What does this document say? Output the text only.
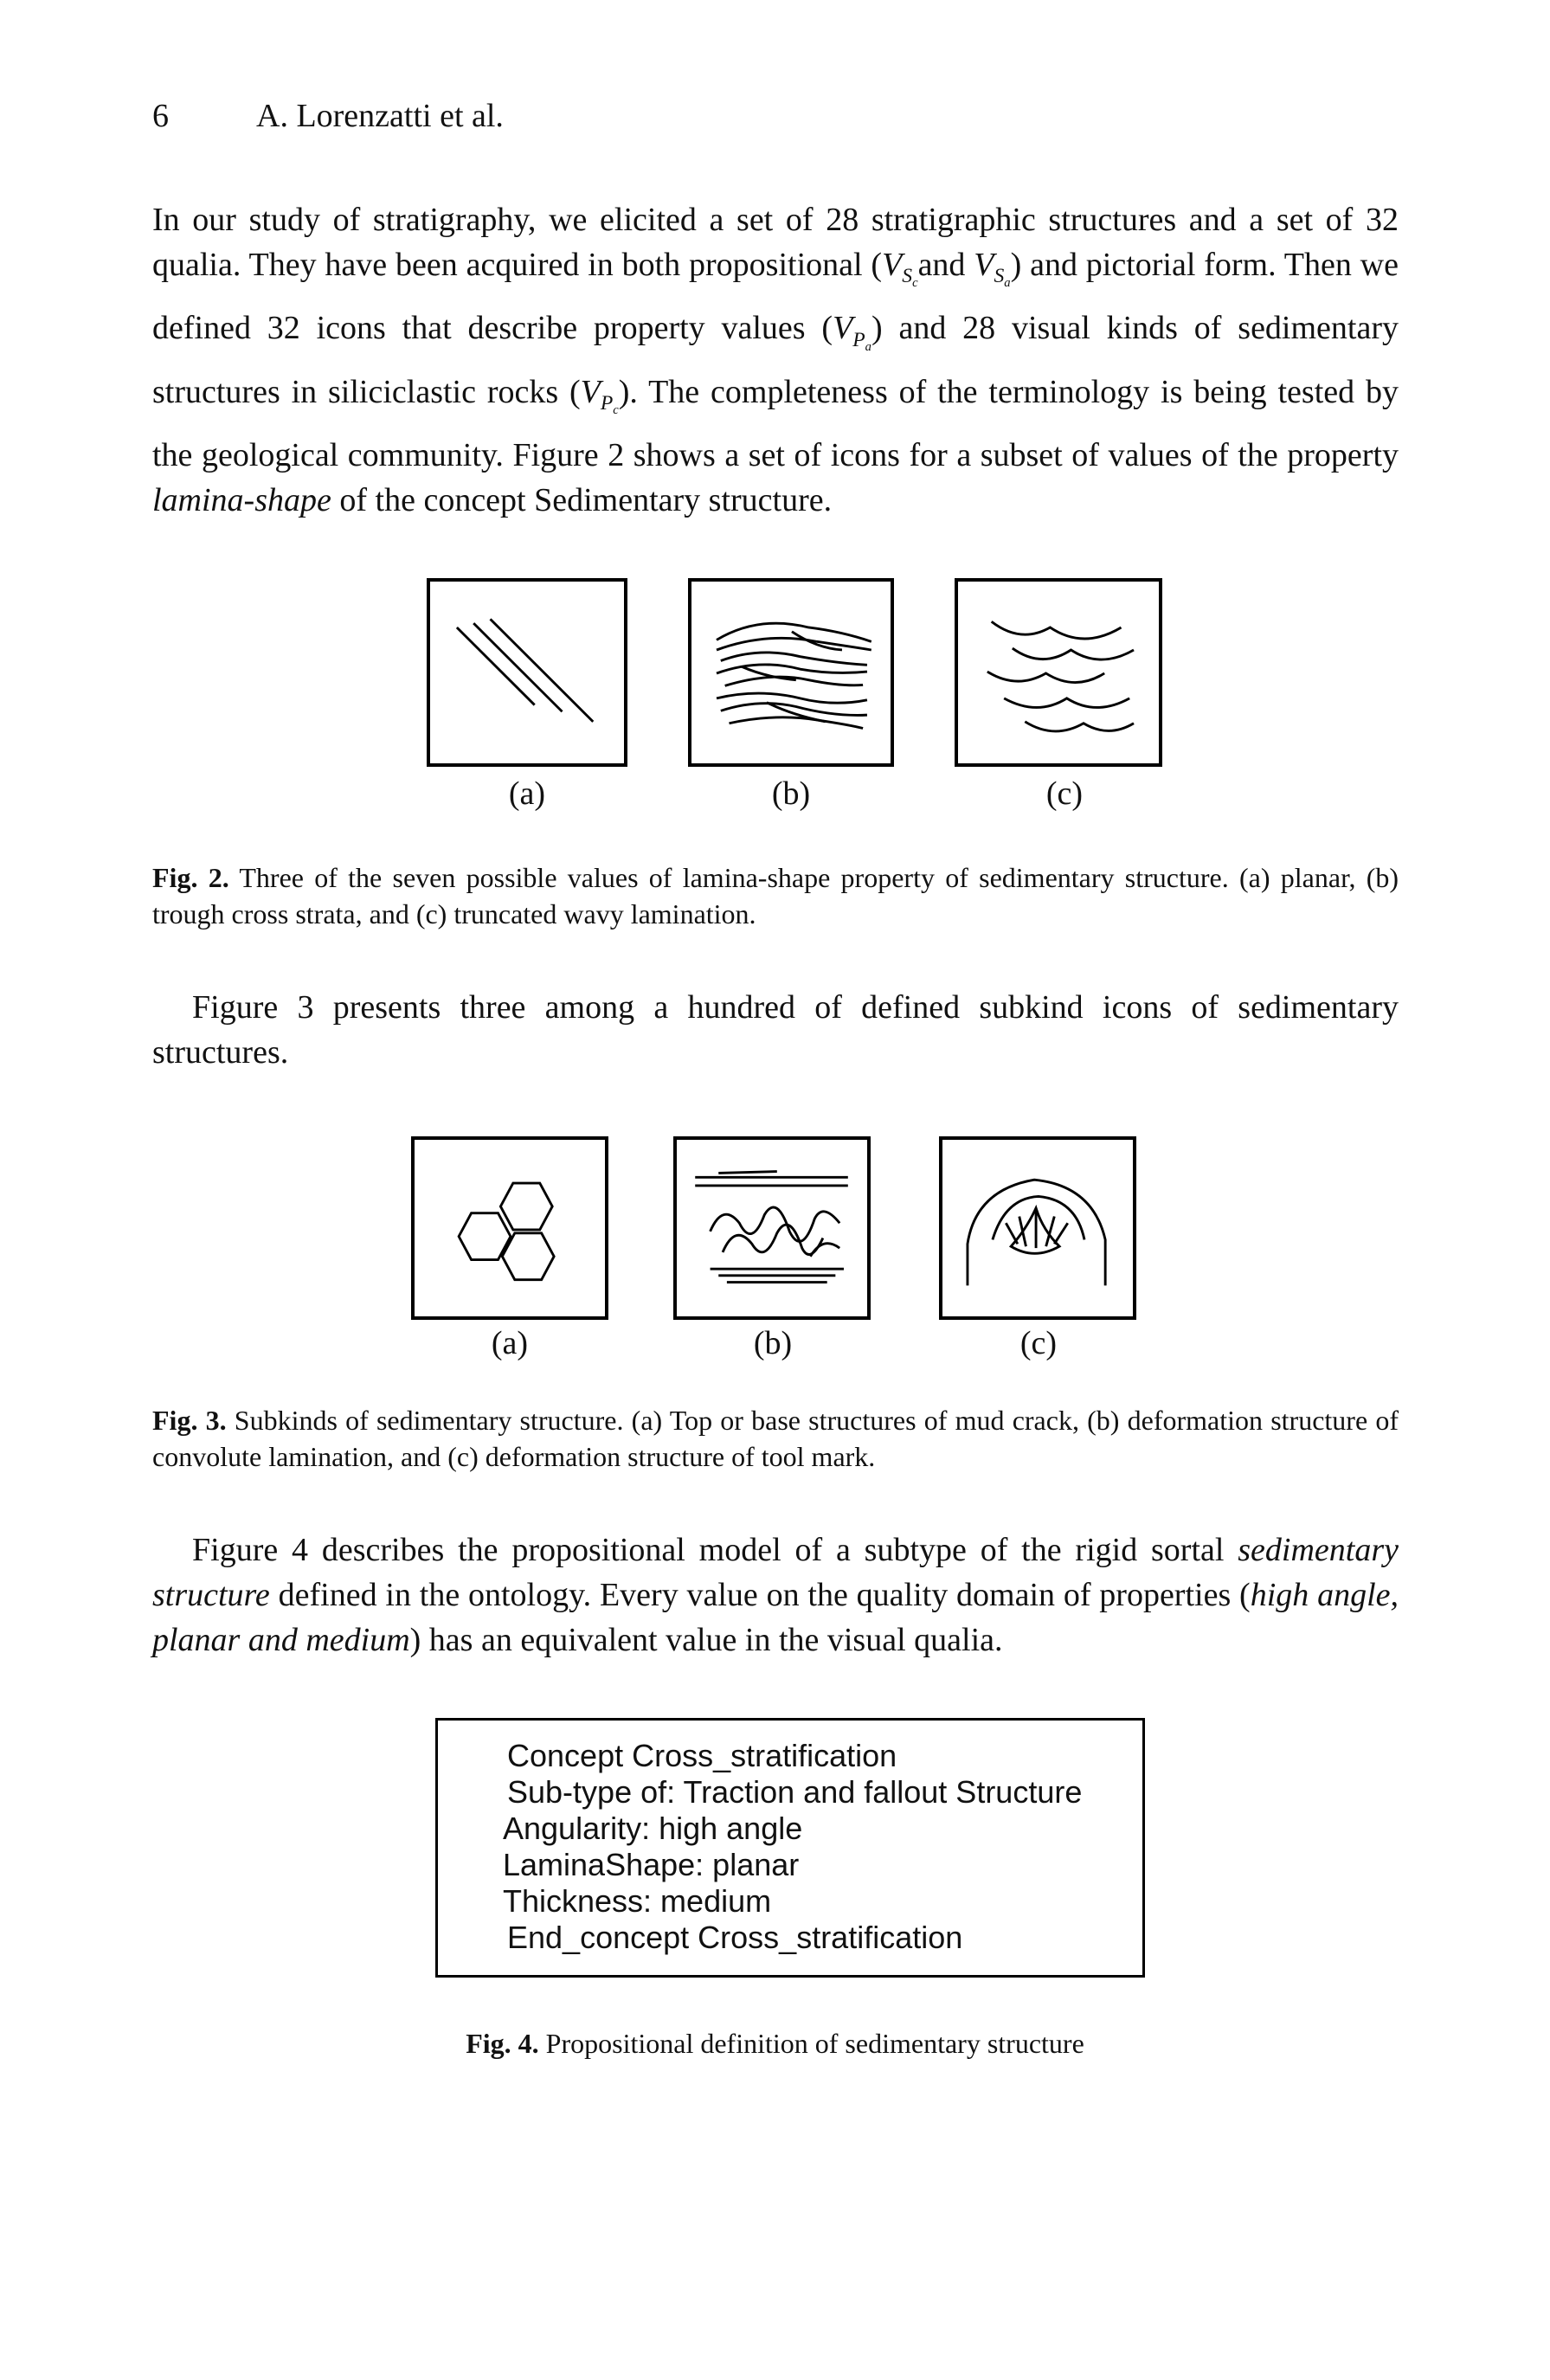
6	A. Lorenzatti et al.
In our study of stratigraphy, we elicited a set of 28 stratigraphic structures and a set of 32 qualia. They have been acquired in both propositional ($V_{S_c}and$ $V_{S_a}$) and pictorial form. Then we defined 32 icons that describe property values $(V_{P_a})$ and 28 visual kinds of sedimentary structures in siliciclastic rocks $(V_{P_c})$. The completeness of the terminology is being tested by the geological community. Figure 2 shows a set of icons for a subset of values of the property lamina-shape of the concept Sedimentary structure.
(a)	(b)	(c)
Fig. 2. Three of the seven possible values of lamina-shape property of sedimentary structure. (a) planar, (b) trough cross strata, and (c) truncated wavy lamination.
Figure 3 presents three among a hundred of defined subkind icons of sedimentary structures.
(a)	(b)	(c)
Fig. 3. Subkinds of sedimentary structure. (a) Top or base structures of mud crack, (b) deformation structure of convolute lamination, and (c) deformation structure of tool mark.
Figure 4 describes the propositional model of a subtype of the rigid sortal sedimentary structure defined in the ontology. Every value on the quality domain of properties (high angle, planar and medium) has an equivalent value in the visual qualia.
Concept Cross_stratification
Sub-type of: Traction and fallout Structure
Angularity: high angle
LaminaShape: planar
Thickness: medium
End_concept Cross_stratification
Fig. 4. Propositional definition of sedimentary structure
